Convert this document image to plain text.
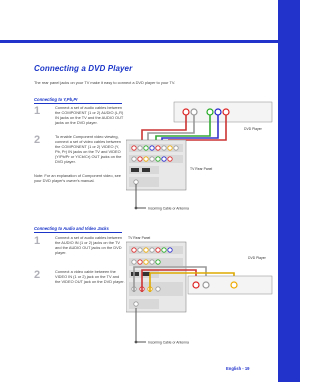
Connecting a DVD Player
The rear panel jacks on your TV make it easy to connect a DVD player to your TV.
Connecting to Y,Pb,Pr
1	Connect a set of audio cables between the COMPONENT (1 or 2) AUDIO (L,R) IN jacks on the TV and the AUDIO OUT jacks on the DVD player.
2	To enable Component video viewing, connect a set of video cables between the COMPONENT (1 or 2) VIDEO (Y, Pb, Pr) IN jacks on the TV and VIDEO (Y/Pb/Pr or Y/Cb/Cr) OUT jacks on the DVD player.
Note: For an explanation of Component video, see your DVD player's owner's manual.
DVD Player
TV Rear Panel
Incoming Cable or Antenna
Connecting to Audio and Video Jacks
1	Connect a set of audio cables between the AUDIO IN (1 or 2) jacks on the TV and the AUDIO OUT jacks on the DVD player.
2	Connect a video cable between the VIDEO IN (1 or 2) jack on the TV and the VIDEO OUT jack on the DVD player.
TV Rear Panel
DVD Player
Incoming Cable or Antenna
English - 19
